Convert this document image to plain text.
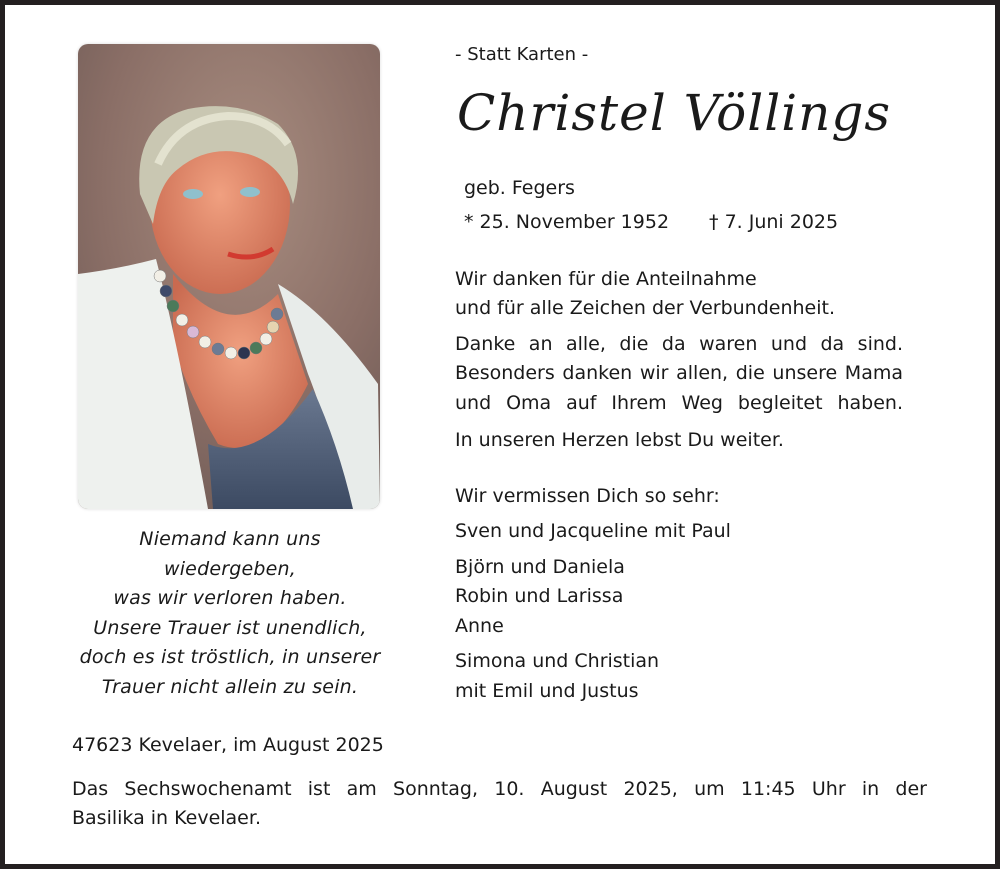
Niemand kann uns
wiedergeben,
was wir verloren haben.
Unsere Trauer ist unendlich,
doch es ist tröstlich, in unserer
Trauer nicht allein zu sein.
- Statt Karten -
Christel Völlings
geb. Fegers
* 25. November 1952 † 7. Juni 2025
Wir danken für die Anteilnahme
und für alle Zeichen der Verbundenheit.
Danke an alle, die da waren und da sind.
Besonders danken wir allen, die unsere Mama
und Oma auf Ihrem Weg begleitet haben.
In unseren Herzen lebst Du weiter.
Wir vermissen Dich so sehr:
Sven und Jacqueline mit Paul
Björn und Daniela
Robin und Larissa
Anne
Simona und Christian
mit Emil und Justus
47623 Kevelaer, im August 2025
Das Sechswochenamt ist am Sonntag, 10. August 2025, um 11:45 Uhr in der
Basilika in Kevelaer.
